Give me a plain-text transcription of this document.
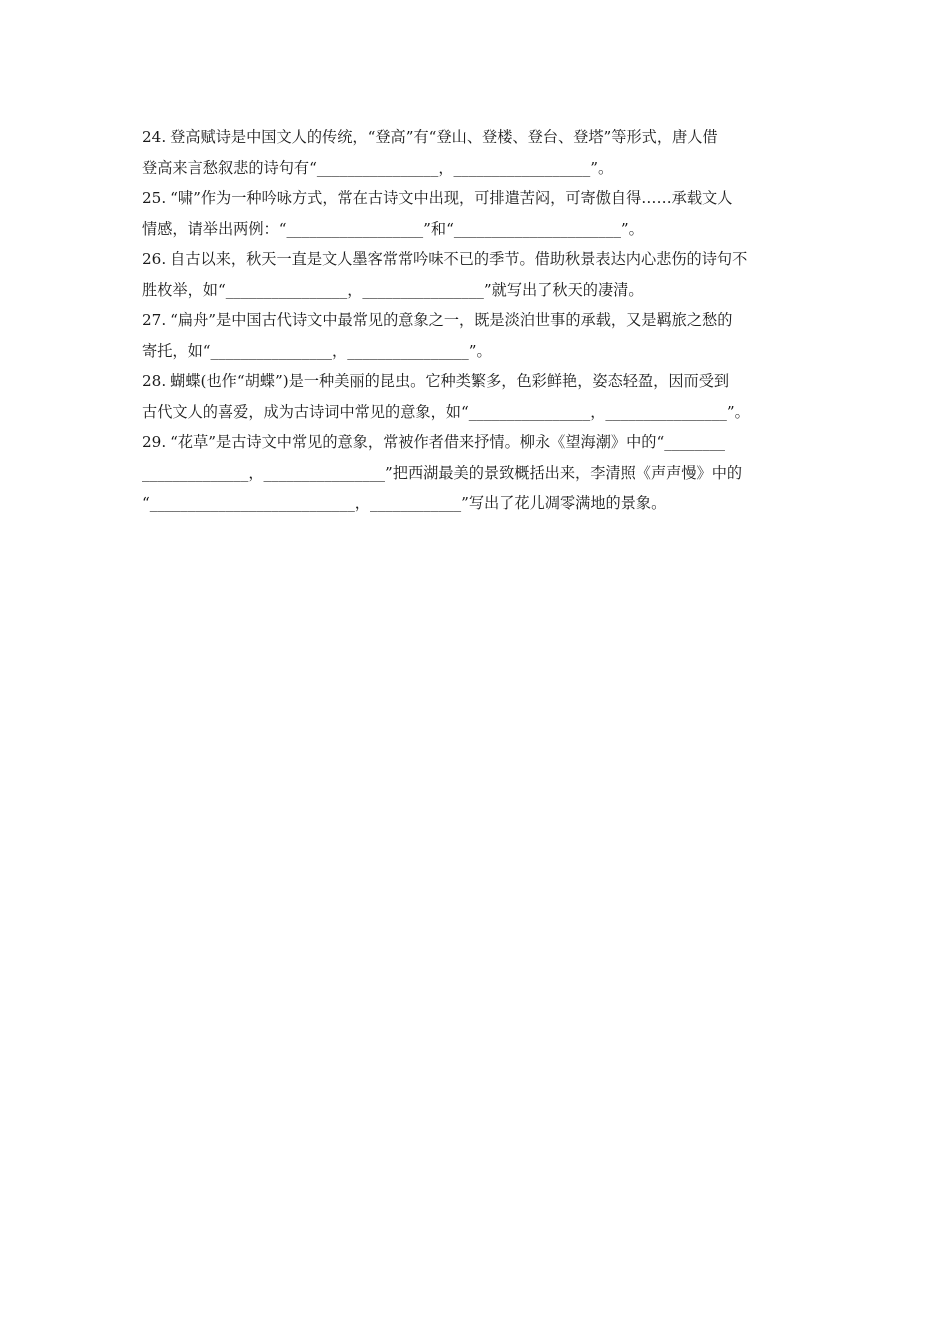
24. 登高赋诗是中国文人的传统，“登高”有“登山、登楼、登台、登塔”等形式，唐人借
登高来言愁叙悲的诗句有“________________，__________________”。
25. “啸”作为一种吟咏方式，常在古诗文中出现，可排遣苦闷，可寄傲自得……承载文人
情感，请举出两例：“__________________”和“______________________”。
26. 自古以来，秋天一直是文人墨客常常吟味不已的季节。借助秋景表达内心悲伤的诗句不
胜枚举，如“________________，________________”就写出了秋天的凄清。
27. “扁舟”是中国古代诗文中最常见的意象之一，既是淡泊世事的承载，又是羁旅之愁的
寄托，如“________________，________________”。
28. 蝴蝶(也作“胡蝶”)是一种美丽的昆虫。它种类繁多，色彩鲜艳，姿态轻盈，因而受到
古代文人的喜爱，成为古诗词中常见的意象，如“________________，________________”。
29. “花草”是古诗文中常见的意象，常被作者借来抒情。柳永《望海潮》中的“________
______________，________________”把西湖最美的景致概括出来，李清照《声声慢》中的
“___________________________，____________”写出了花儿凋零满地的景象。
